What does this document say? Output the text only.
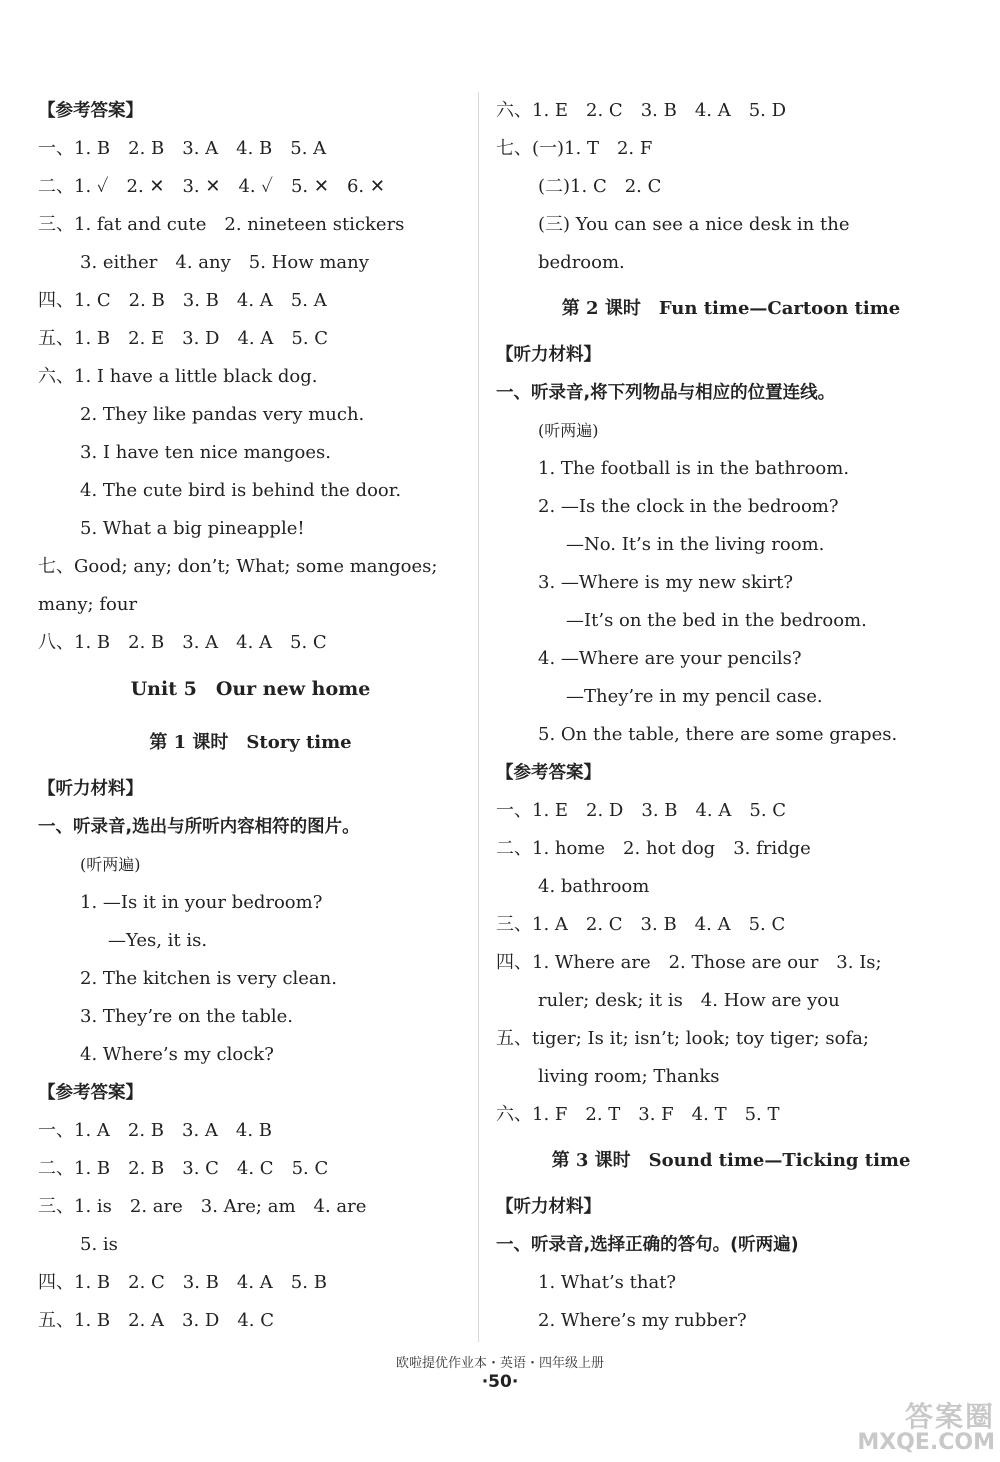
【参考答案】
一、1. B　2. B　3. A　4. B　5. A
二、1. ✓　2. ✕　3. ✕　4. ✓　5. ✕　6. ✕
三、1. fat and cute　2. nineteen stickers
3. either　4. any　5. How many
四、1. C　2. B　3. B　4. A　5. A
五、1. B　2. E　3. D　4. A　5. C
六、1. I have a little black dog.
2. They like pandas very much.
3. I have ten nice mangoes.
4. The cute bird is behind the door.
5. What a big pineapple!
七、Good; any; don’t; What; some mangoes;
many; four
八、1. B　2. B　3. A　4. A　5. C
Unit 5　Our new home
第 1 课时　Story time
【听力材料】
一、听录音,选出与所听内容相符的图片。
(听两遍)
1. —Is it in your bedroom?
—Yes, it is.
2. The kitchen is very clean.
3. They’re on the table.
4. Where’s my clock?
【参考答案】
一、1. A　2. B　3. A　4. B
二、1. B　2. B　3. C　4. C　5. C
三、1. is　2. are　3. Are; am　4. are
5. is
四、1. B　2. C　3. B　4. A　5. B
五、1. B　2. A　3. D　4. C
六、1. E　2. C　3. B　4. A　5. D
七、(一)1. T　2. F
(二)1. C　2. C
(三) You can see a nice desk in the
bedroom.
第 2 课时　Fun time—Cartoon time
【听力材料】
一、听录音,将下列物品与相应的位置连线。
(听两遍)
1. The football is in the bathroom.
2. —Is the clock in the bedroom?
—No. It’s in the living room.
3. —Where is my new skirt?
—It’s on the bed in the bedroom.
4. —Where are your pencils?
—They’re in my pencil case.
5. On the table, there are some grapes.
【参考答案】
一、1. E　2. D　3. B　4. A　5. C
二、1. home　2. hot dog　3. fridge
4. bathroom
三、1. A　2. C　3. B　4. A　5. C
四、1. Where are　2. Those are our　3. Is;
ruler; desk; it is　4. How are you
五、tiger; Is it; isn’t; look; toy tiger; sofa;
living room; Thanks
六、1. F　2. T　3. F　4. T　5. T
第 3 课时　Sound time—Ticking time
【听力材料】
一、听录音,选择正确的答句。(听两遍)
1. What’s that?
2. Where’s my rubber?
欧啦提优作业本・英语・四年级上册
·50·
答案圈
MXQE.COM
